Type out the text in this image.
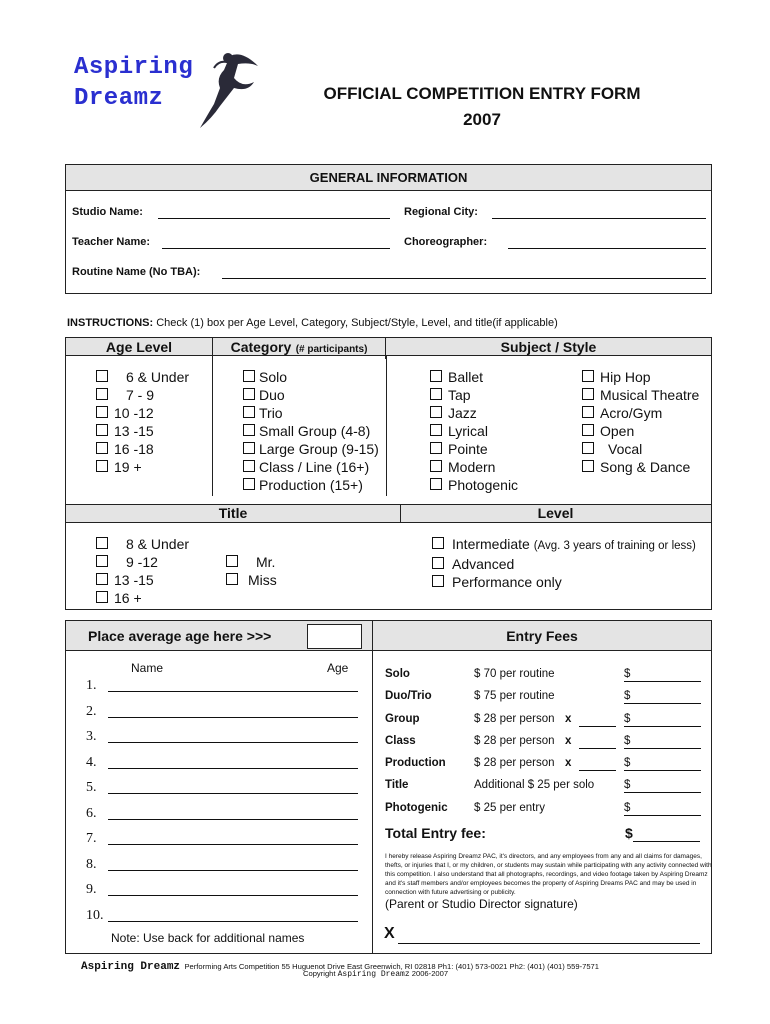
Aspiring
Dreamz	OFFICIAL COMPETITION ENTRY FORM
2007
GENERAL INFORMATION
Studio Name:	Regional City:
Teacher Name:	Choreographer:
Routine Name (No TBA):
INSTRUCTIONS: Check (1) box per Age Level, Category, Subject/Style, Level, and title(if applicable)
Age Level	Category (# participants)	Subject / Style
6 & Under
7 - 9
10 -12
13 -15
16 -18
19 +
Solo
Duo
Trio
Small Group (4-8)
Large Group (9-15)
Class / Line (16+)
Production (15+)
Ballet
Tap
Jazz
Lyrical
Pointe
Modern
Photogenic
Hip Hop
Musical Theatre
Acro/Gym
Open
Vocal
Song & Dance
Title	Level
8 & Under
9 -12
13 -15
16 +
Mr.
Miss
Intermediate (Avg. 3 years of training or less)
Advanced
Performance only
Place average age here >>>	Entry Fees
Name	Age
1.
2.
3.
4.
5.
6.
7.
8.
9.
10.
Note: Use back for additional names
Solo	$ 70 per routine	$
Duo/Trio	$ 75 per routine	$
Group	$ 28 per person x	$
Class	$ 28 per person x	$
Production $ 28 per person x	$
Title	Additional $ 25 per solo	$
Photogenic $ 25 per entry	$
Total Entry fee:	$
I hereby release Aspiring Dreamz PAC, it's directors, and any employees from any and all claims for damages, thefts, or injuries that I, or my children, or students may sustain while participating with any activity connected with this competition. I also understand that all photographs, recordings, and video footage taken by Aspiring Dreamz and it's staff members and/or employees becomes the property of Aspiring Dreams PAC and may be used in connection with future advertising or publicity.
(Parent or Studio Director signature)
X
Aspiring Dreamz Performing Arts Competition 55 Huguenot Drive East Greenwich, RI 02818 Ph1: (401) 573-0021 Ph2: (401) (401) 559-7571
Copyright Aspiring Dreamz 2006-2007
